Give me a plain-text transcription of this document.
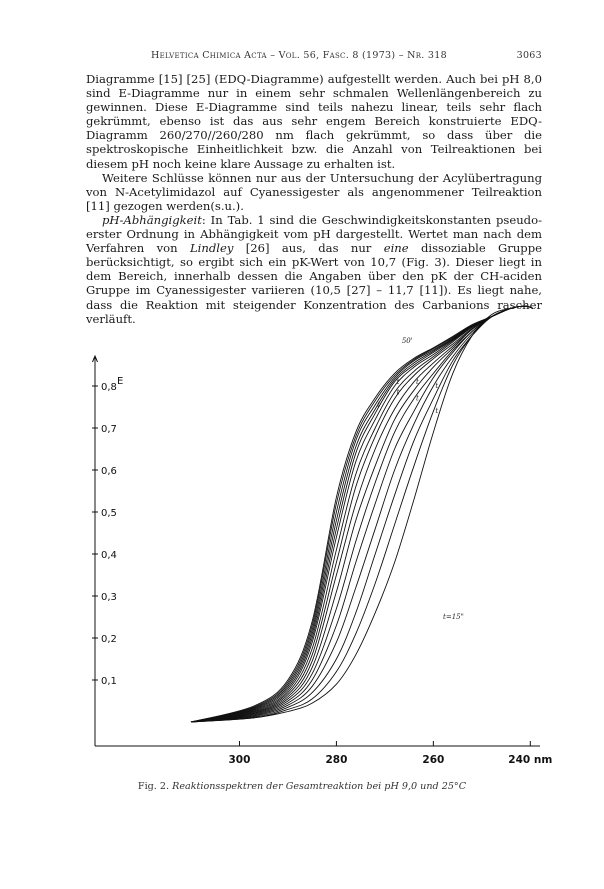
Helvetica Chimica Acta – Vol. 56, Fasc. 8 (1973) – Nr. 318	3063

Diagramme [15] [25] (EDQ-Diagramme) aufgestellt werden. Auch bei pH 8,0 sind E-Diagramme nur in einem sehr schmalen Wellenlängenbereich zu gewinnen. Diese E-Diagramme sind teils nahezu linear, teils sehr flach gekrümmt, ebenso ist das aus sehr engem Bereich konstruierte EDQ-Diagramm 260/270//260/280 nm flach gekrümmt, so dass über die spektroskopische Einheitlichkeit bzw. die Anzahl von Teilreaktionen bei diesem pH noch keine klare Aussage zu erhalten ist.

Weitere Schlüsse können nur aus der Untersuchung der Acylübertragung von N-Acetylimidazol auf Cyanessigester als angenommener Teilreaktion [11] gezogen werden(s.u.).

pH-Abhängigkeit: In Tab. 1 sind die Geschwindigkeitskonstanten pseudo-erster Ordnung in Abhängigkeit vom pH dargestellt. Wertet man nach dem Verfahren von Lindley [26] aus, das nur eine dissoziable Gruppe berücksichtigt, so ergibt sich ein pK-Wert von 10,7 (Fig. 3). Dieser liegt in dem Bereich, innerhalb dessen die Angaben über den pK der CH-aciden Gruppe im Cyanessigester variieren (10,5 [27] – 11,7 [11]). Es liegt nahe, dass die Reaktion mit steigender Konzentration des Carbanions rascher verläuft.

E
0,1
0,2
0,3
0,4
0,5
0,6
0,7
0,8
300	280	260	240 nm
t
t
t
t
t
t
t
t=15"
50'
Fig. 2. Reaktionsspektren der Gesamtreaktion bei pH 9,0 und 25°C
